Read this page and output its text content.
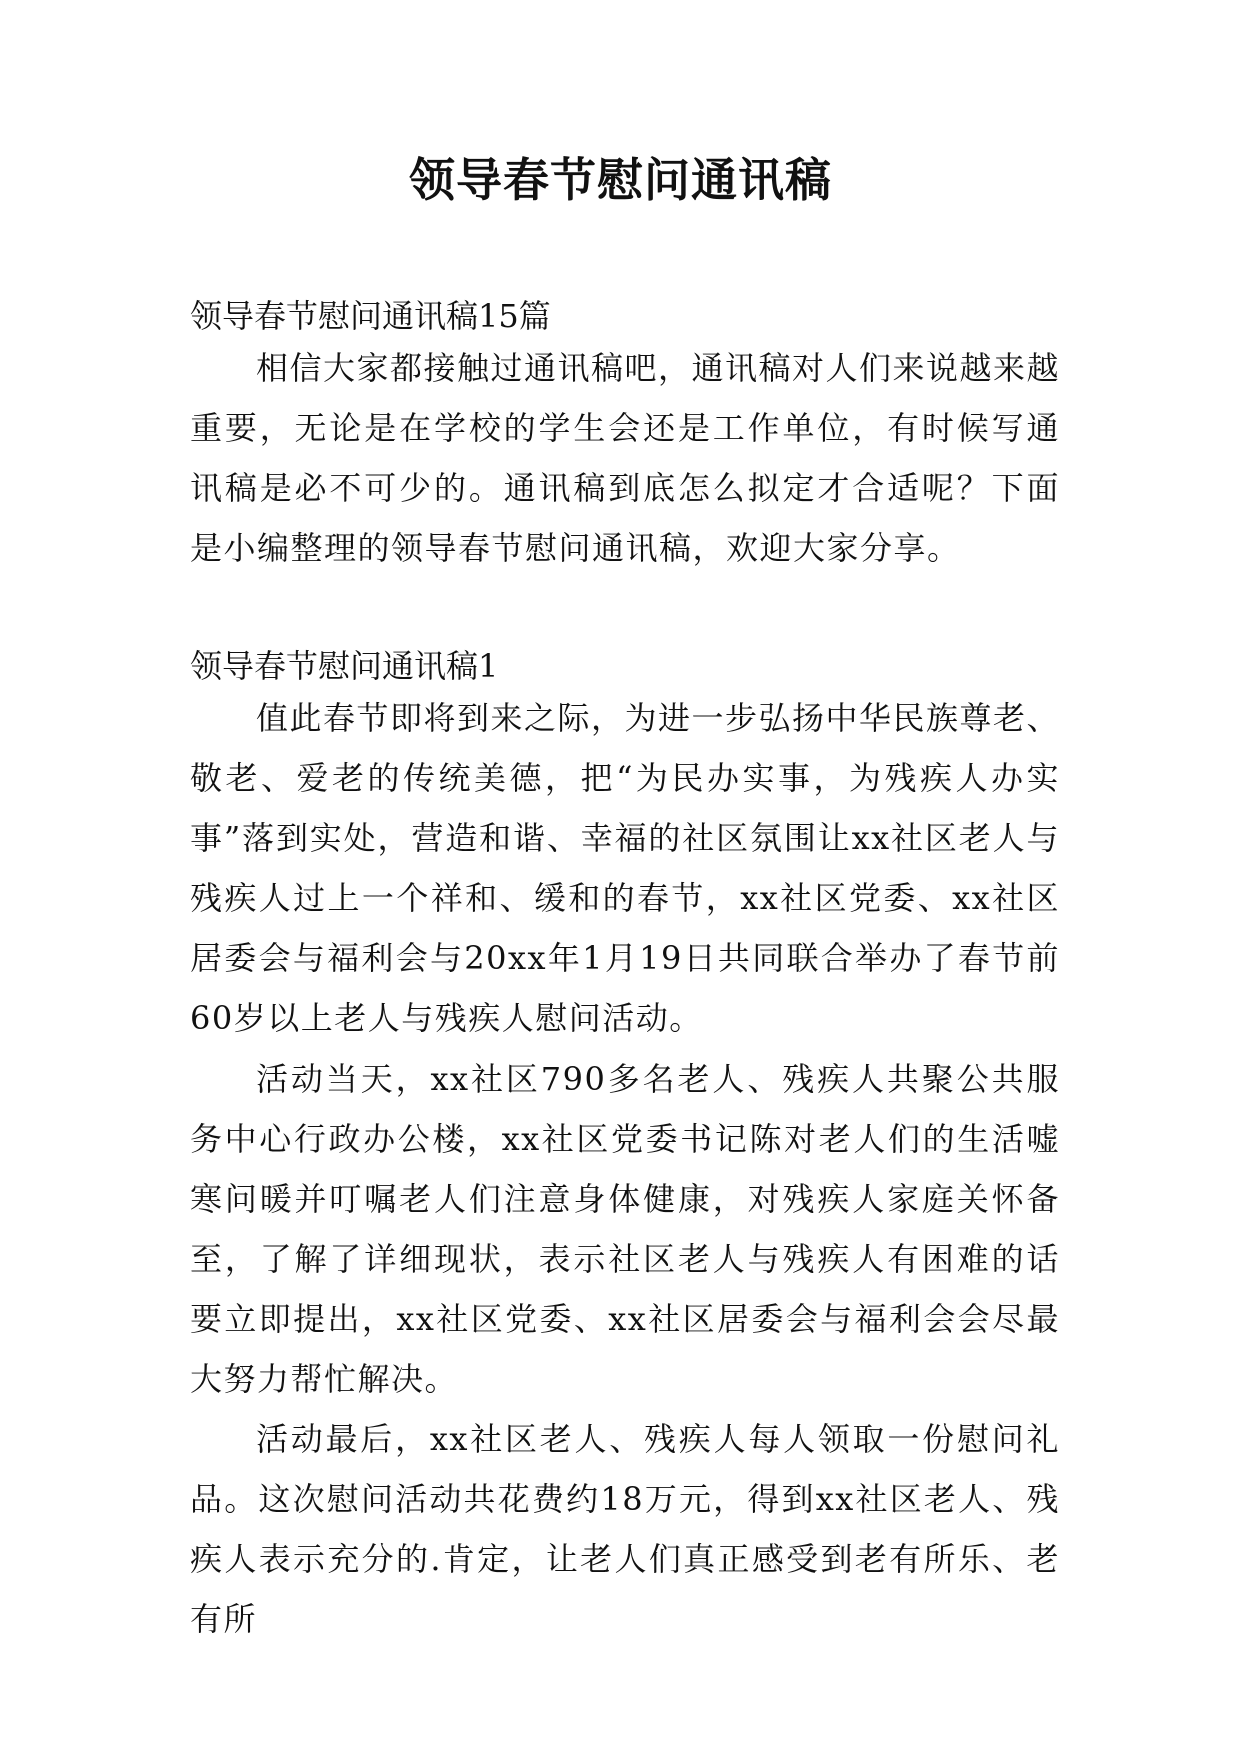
领导春节慰问通讯稿

领导春节慰问通讯稿15篇

相信大家都接触过通讯稿吧，通讯稿对人们来说越来越重要，无论是在学校的学生会还是工作单位，有时候写通讯稿是必不可少的。通讯稿到底怎么拟定才合适呢？下面是小编整理的领导春节慰问通讯稿，欢迎大家分享。

领导春节慰问通讯稿1

值此春节即将到来之际，为进一步弘扬中华民族尊老、敬老、爱老的传统美德，把“为民办实事，为残疾人办实事”落到实处，营造和谐、幸福的社区氛围让xx社区老人与残疾人过上一个祥和、缓和的春节，xx社区党委、xx社区居委会与福利会与20xx年1月19日共同联合举办了春节前60岁以上老人与残疾人慰问活动。

活动当天，xx社区790多名老人、残疾人共聚公共服务中心行政办公楼，xx社区党委书记陈对老人们的生活嘘寒问暖并叮嘱老人们注意身体健康，对残疾人家庭关怀备至，了解了详细现状，表示社区老人与残疾人有困难的话要立即提出，xx社区党委、xx社区居委会与福利会会尽最大努力帮忙解决。

活动最后，xx社区老人、残疾人每人领取一份慰问礼品。这次慰问活动共花费约18万元，得到xx社区老人、残疾人表示充分的.肯定，让老人们真正感受到老有所乐、老有所
